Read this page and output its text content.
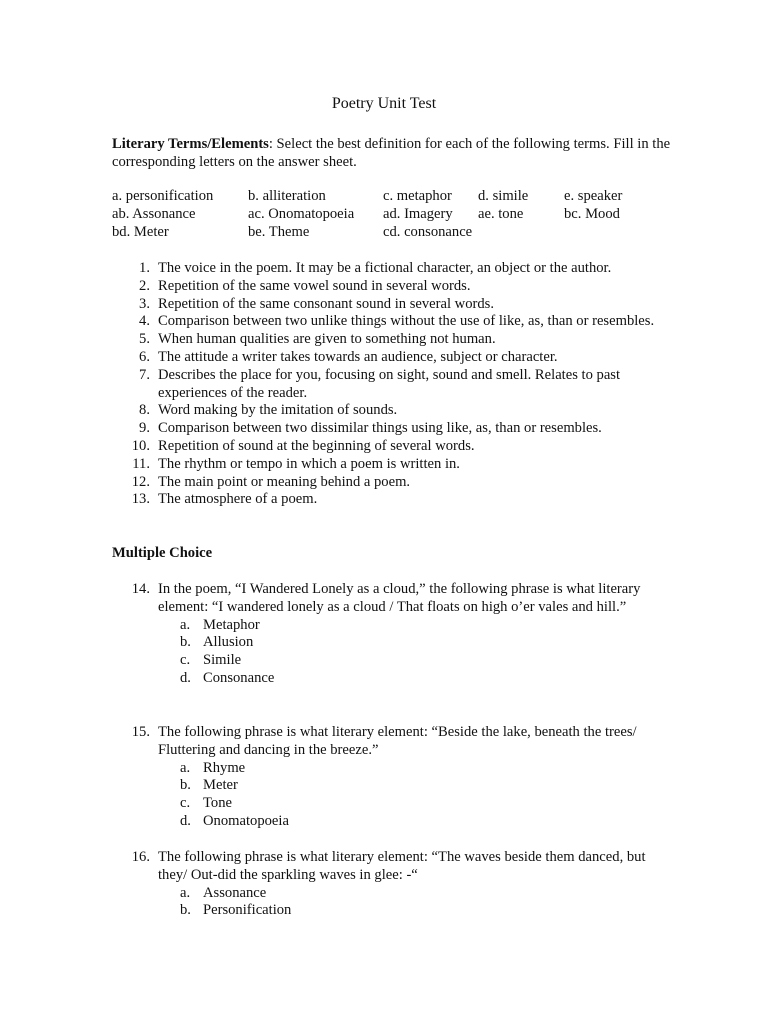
Poetry Unit Test
Literary Terms/Elements: Select the best definition for each of the following terms. Fill in the corresponding letters on the answer sheet.
a. personification b. alliteration	c. metaphor d. simile e. speaker
ab. Assonance	ac. Onomatopoeia ad. Imagery ae. tone	bc. Mood
bd. Meter	be. Theme	cd. consonance
1. The voice in the poem. It may be a fictional character, an object or the author.
2. Repetition of the same vowel sound in several words.
3. Repetition of the same consonant sound in several words.
4. Comparison between two unlike things without the use of like, as, than or resembles.
5. When human qualities are given to something not human.
6. The attitude a writer takes towards an audience, subject or character.
7. Describes the place for you, focusing on sight, sound and smell. Relates to past experiences of the reader.
8. Word making by the imitation of sounds.
9. Comparison between two dissimilar things using like, as, than or resembles.
10. Repetition of sound at the beginning of several words.
11. The rhythm or tempo in which a poem is written in.
12. The main point or meaning behind a poem.
13. The atmosphere of a poem.
Multiple Choice
14. In the poem, “I Wandered Lonely as a cloud,” the following phrase is what literary element: “I wandered lonely as a cloud / That floats on high o’er vales and hill.”
a. Metaphor
b. Allusion
c. Simile
d. Consonance
15. The following phrase is what literary element: “Beside the lake, beneath the trees/ Fluttering and dancing in the breeze.”
a. Rhyme
b. Meter
c. Tone
d. Onomatopoeia
16. The following phrase is what literary element: “The waves beside them danced, but they/ Out-did the sparkling waves in glee: -“
a. Assonance
b. Personification
